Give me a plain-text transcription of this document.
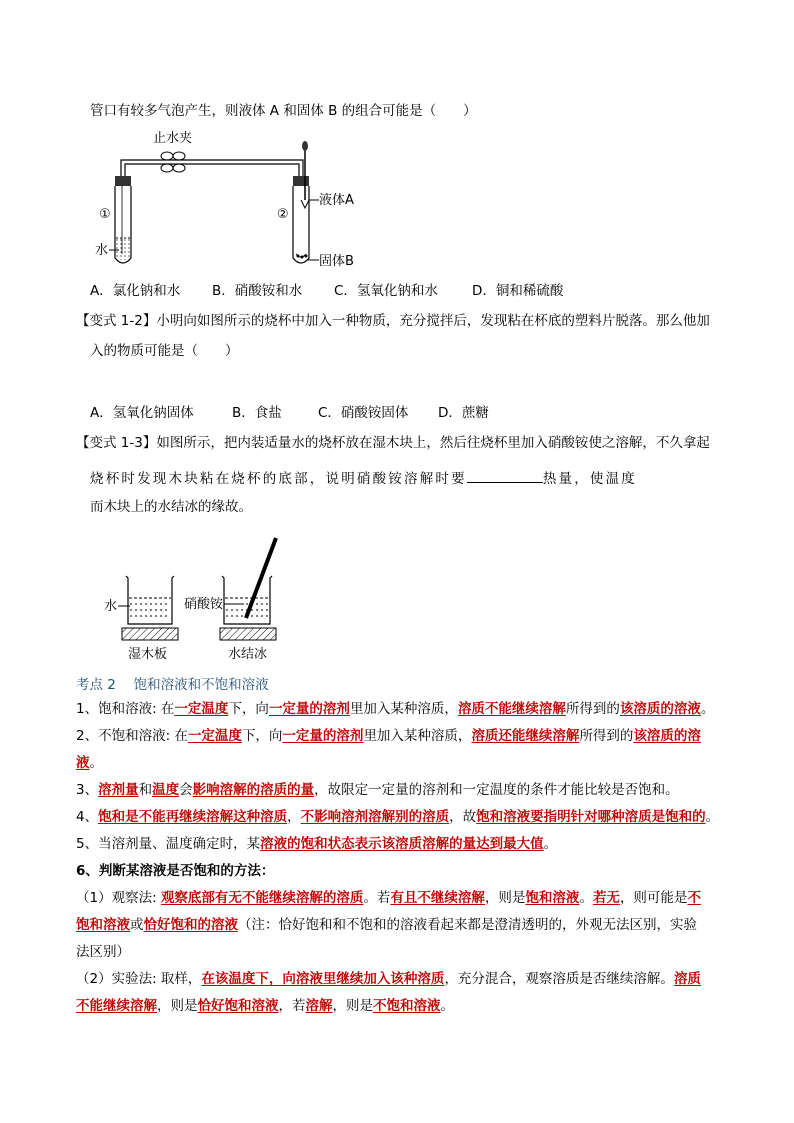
管口有较多气泡产生，则液体 A 和固体 B 的组合可能是（　　）
止水夹
①
水
②
液体A
固体B
A．氯化钠和水 B．硝酸铵和水 C．氢氧化钠和水	D．铜和稀硫酸
【变式 1-2】小明向如图所示的烧杯中加入一种物质，充分搅拌后，发现粘在杯底的塑料片脱落。那么他加
入的物质可能是（　　）
A．氢氧化钠固体	B．食盐	C．硝酸铵固体 D．蔗糖
【变式 1-3】如图所示，把内装适量水的烧杯放在湿木块上，然后往烧杯里加入硝酸铵使之溶解，不久拿起
烧杯时发现木块粘在烧杯的底部，说明硝酸铵溶解时要	热量，使温度
而木块上的水结冰的缘故。
水
湿木板
硝酸铵
水结冰
考点 2　 饱和溶液和不饱和溶液
1、饱和溶液: 在一定温度下，向一定量的溶剂里加入某种溶质，溶质不能继续溶解所得到的该溶质的溶液。
2、不饱和溶液: 在一定温度下，向一定量的溶剂里加入某种溶质，溶质还能继续溶解所得到的该溶质的溶
液。
3、溶剂量和温度会影响溶解的溶质的量，故限定一定量的溶剂和一定温度的条件才能比较是否饱和。
4、饱和是不能再继续溶解这种溶质，不影响溶剂溶解别的溶质，故饱和溶液要指明针对哪种溶质是饱和的。
5、当溶剂量、温度确定时，某溶液的饱和状态表示该溶质溶解的量达到最大值。
6、判断某溶液是否饱和的方法：
（1）观察法: 观察底部有无不能继续溶解的溶质。若有且不继续溶解，则是饱和溶液。若无，则可能是不
饱和溶液或恰好饱和的溶液（注：恰好饱和和不饱和的溶液看起来都是澄清透明的，外观无法区别，实验
法区别）
（2）实验法: 取样，在该温度下，向溶液里继续加入该种溶质，充分混合，观察溶质是否继续溶解。溶质
不能继续溶解，则是恰好饱和溶液，若溶解，则是不饱和溶液。
